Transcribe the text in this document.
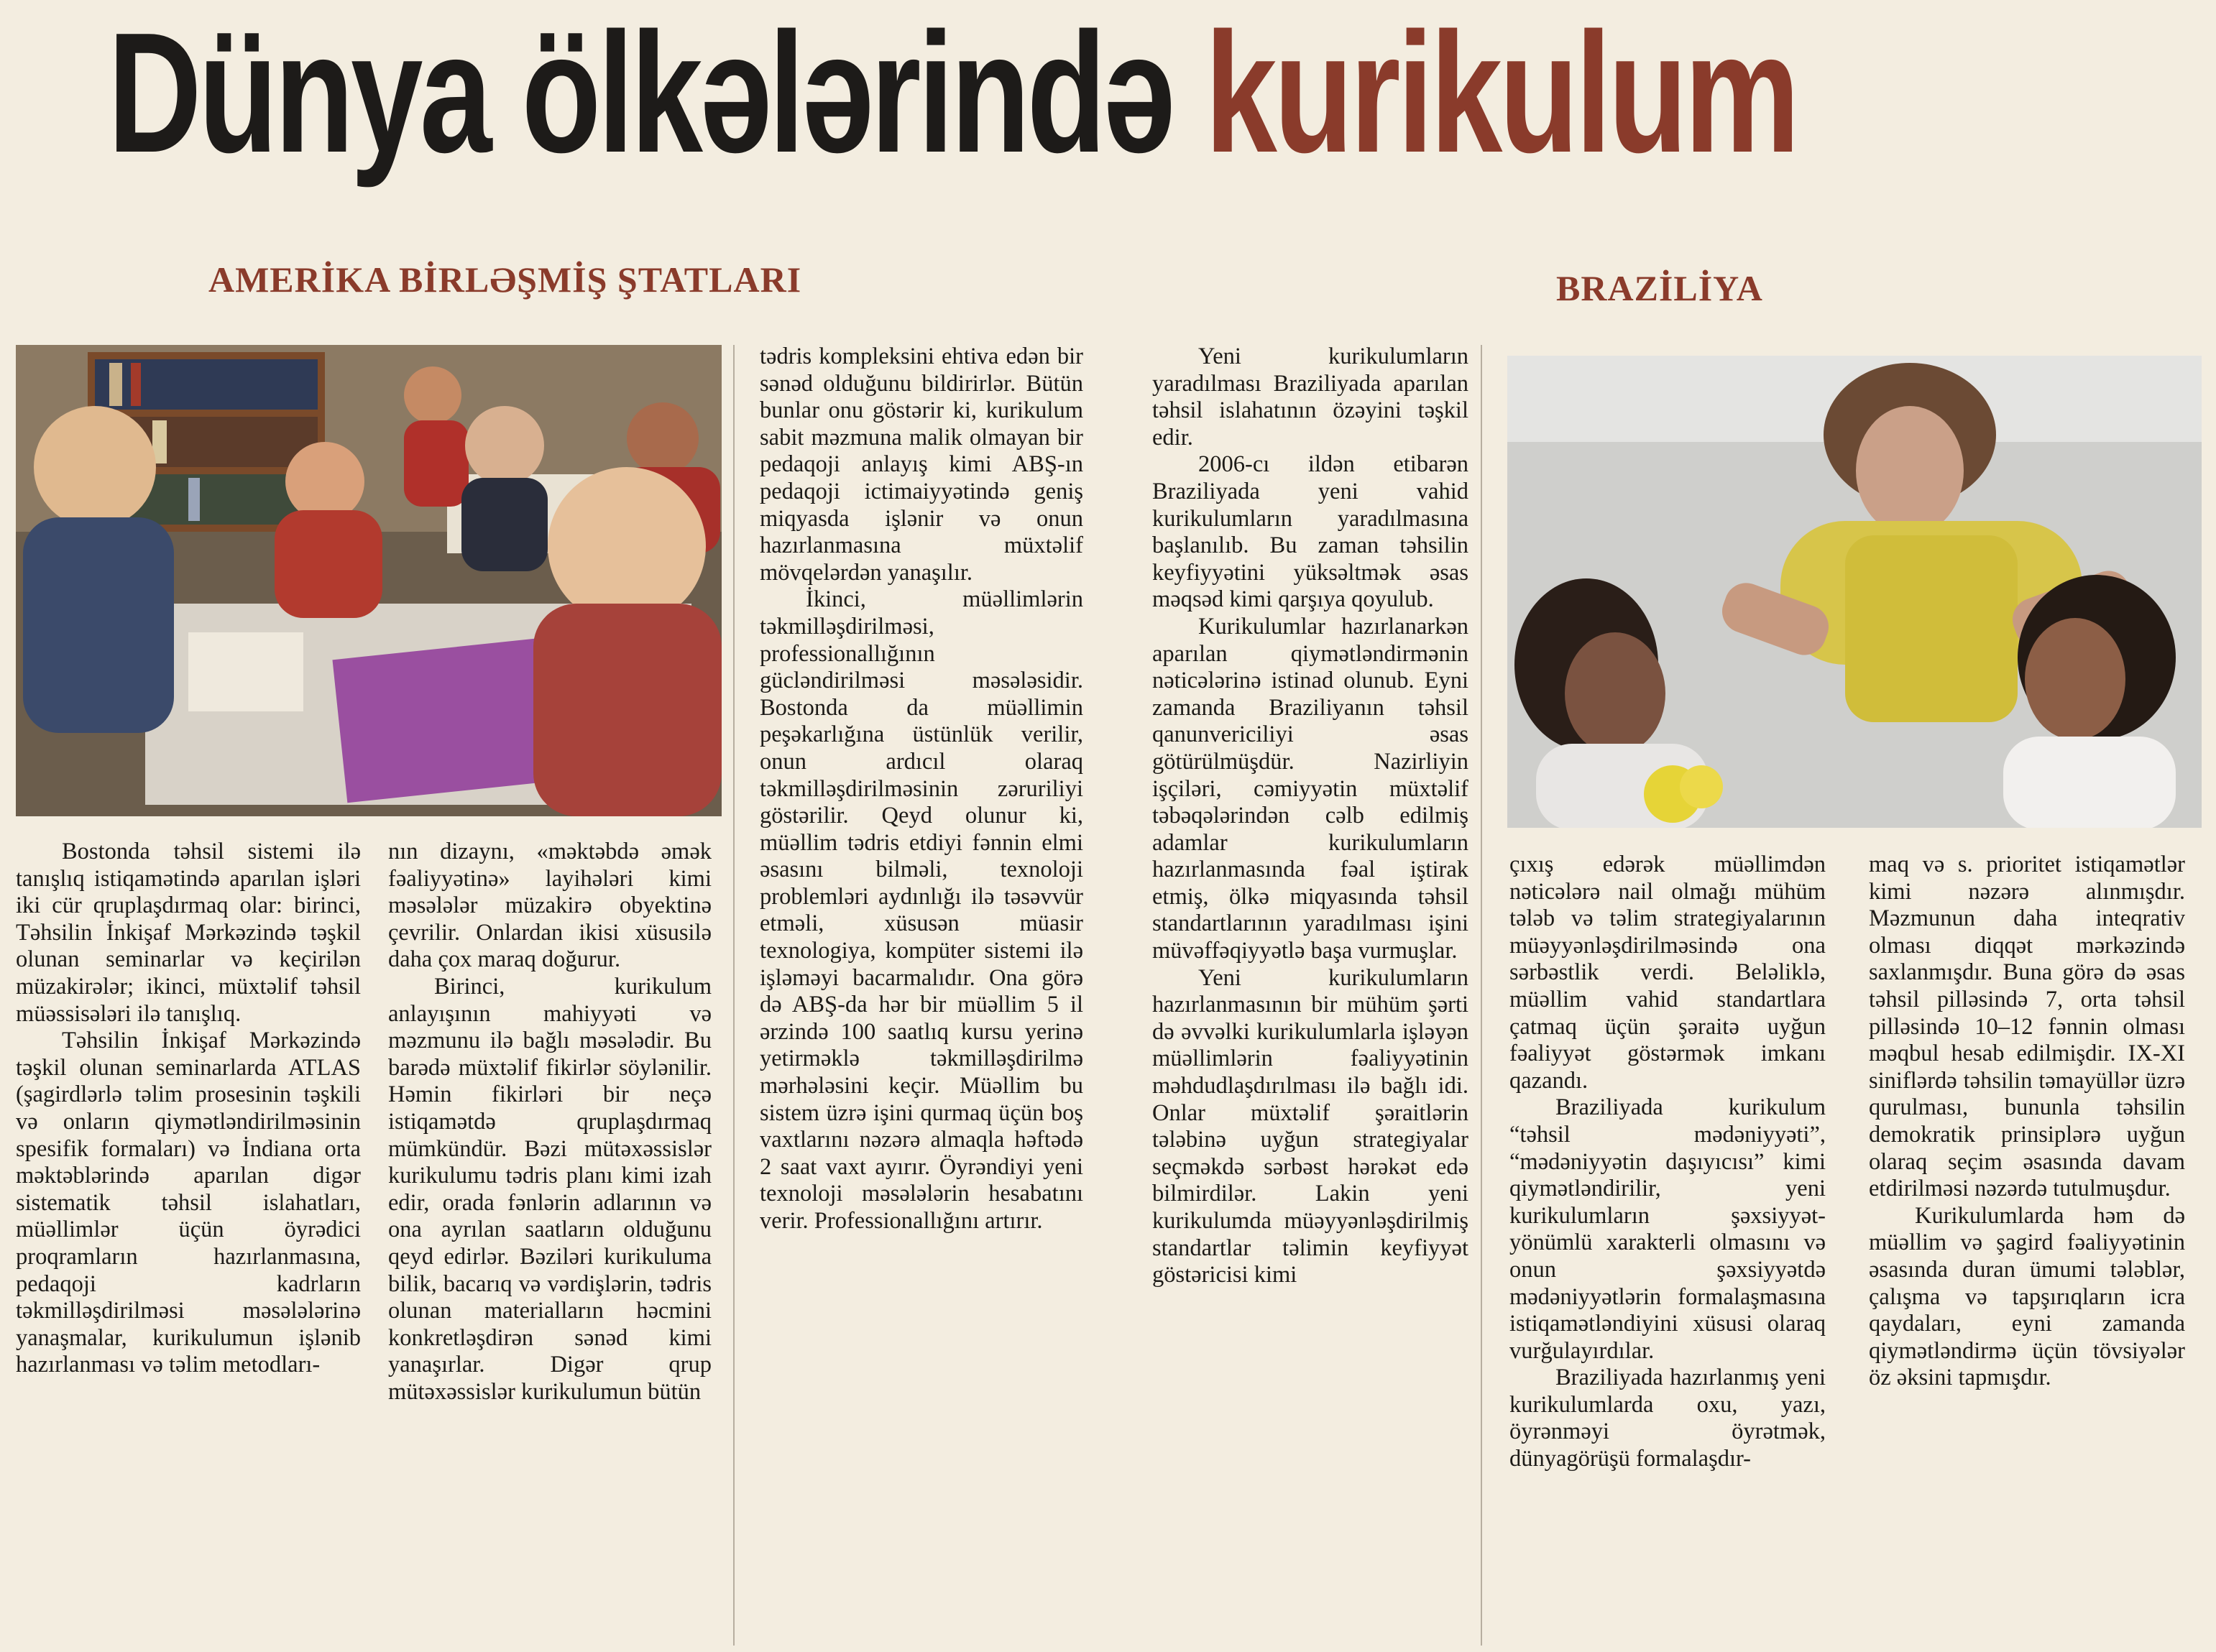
Dünya ölkələrində kurikulum
AMERİKA BİRLƏŞMİŞ ŞTATLARI	BRAZİLİYA

Bostonda təhsil sistemi ilə tanışlıq istiqamətində aparılan işləri iki cür qruplaşdırmaq olar: birinci, Təhsilin İnkişaf Mərkəzində təşkil olunan seminarlar və keçirilən müzakirələr; ikinci, müxtəlif təhsil müəssisələri ilə tanışlıq.

Təhsilin İnkişaf Mərkəzində təşkil olunan seminarlarda ATLAS (şagirdlərlə təlim prosesinin təşkili və onların qiymətləndirilməsinin spesifik formaları) və İndiana orta məktəblərində aparılan digər sistematik təhsil islahatları, müəllimlər üçün öyrədici proqramların hazırlanmasına, pedaqoji kadrların təkmilləşdirilməsi məsələlərinə yanaşmalar, kurikulumun işlənib hazırlanması və təlim metodları-

nın dizaynı, «məktəbdə əmək fəaliyyətinə» layihələri kimi məsələlər müzakirə obyektinə çevrilir. Onlardan ikisi xüsusilə daha çox maraq doğurur.

Birinci, kurikulum anlayışının mahiyyəti və məzmunu ilə bağlı məsələdir. Bu barədə müxtəlif fikirlər söylənilir. Həmin fikirləri bir neçə istiqamətdə qruplaşdırmaq mümkündür. Bəzi mütəxəssislər kurikulumu tədris planı kimi izah edir, orada fənlərin adlarının və ona ayrılan saatların olduğunu qeyd edirlər. Bəziləri kurikuluma bilik, bacarıq və vərdişlərin, tədris olunan materialların həcmini konkretləşdirən sənəd kimi yanaşırlar. Digər qrup mütəxəssislər kurikulumun bütün

tədris kompleksini ehtiva edən bir sənəd olduğunu bildirirlər. Bütün bunlar onu göstərir ki, kurikulum sabit məzmuna malik olmayan bir pedaqoji anlayış kimi ABŞ-ın pedaqoji ictimaiyyətində geniş miqyasda işlənir və onun hazırlanmasına müxtəlif mövqelərdən yanaşılır.

İkinci, müəllimlərin təkmilləşdirilməsi, professionallığının gücləndirilməsi məsələsidir. Bostonda da müəllimin peşəkarlığına üstünlük verilir, onun ardıcıl olaraq təkmilləşdirilməsinin zəruriliyi göstərilir. Qeyd olunur ki, müəllim tədris etdiyi fənnin elmi əsasını bilməli, texnoloji problemləri aydınlığı ilə təsəvvür etməli, xüsusən müasir texnologiya, kompüter sistemi ilə işləməyi bacarmalıdır. Ona görə də ABŞ-da hər bir müəllim 5 il ərzində 100 saatlıq kursu yerinə yetirməklə təkmilləşdirilmə mərhələsini keçir. Müəllim bu sistem üzrə işini qurmaq üçün boş vaxtlarını nəzərə almaqla həftədə 2 saat vaxt ayırır. Öyrəndiyi yeni texnoloji məsələlərin hesabatını verir. Professionallığını artırır.

Yeni kurikulumların yaradılması Braziliyada aparılan təhsil islahatının özəyini təşkil edir.

2006-cı ildən etibarən Braziliyada yeni vahid kurikulumların yaradılmasına başlanılıb. Bu zaman təhsilin keyfiyyətini yüksəltmək əsas məqsəd kimi qarşıya qoyulub.

Kurikulumlar hazırlanarkən aparılan qiymətləndirmənin nəticələrinə istinad olunub. Eyni zamanda Braziliyanın təhsil qanunvericiliyi əsas götürülmüşdür. Nazirliyin işçiləri, cəmiyyətin müxtəlif təbəqələrindən cəlb edilmiş adamlar kurikulumların hazırlanmasında fəal iştirak etmiş, ölkə miqyasında təhsil standartlarının yaradılması işini müvəffəqiyyətlə başa vurmuşlar.

Yeni kurikulumların hazırlanmasının bir mühüm şərti də əvvəlki kurikulumlarla işləyən müəllimlərin fəaliyyətinin məhdudlaşdırılması ilə bağlı idi. Onlar müxtəlif şəraitlərin tələbinə uyğun strategiyalar seçməkdə sərbəst hərəkət edə bilmirdilər. Lakin yeni kurikulumda müəyyənləşdirilmiş standartlar təlimin keyfiyyət göstəricisi kimi

çıxış edərək müəllimdən nəticələrə nail olmağı mühüm tələb və təlim strategiyalarının müəyyənləşdirilməsində ona sərbəstlik verdi. Beləliklə, müəllim vahid standartlara çatmaq üçün şəraitə uyğun fəaliyyət göstərmək imkanı qazandı.

Braziliyada kurikulum “təhsil mədəniyyəti”, “mədəniyyətin daşıyıcısı” kimi qiymətləndirilir, yeni kurikulumların şəxsiyyət-yönümlü xarakterli olmasını və onun şəxsiyyətdə mədəniyyətlərin formalaşmasına istiqamətləndiyini xüsusi olaraq vurğulayırdılar.

Braziliyada hazırlanmış yeni kurikulumlarda oxu, yazı, öyrənməyi öyrətmək, dünyagörüşü formalaşdır-

maq və s. prioritet istiqamətlər kimi nəzərə alınmışdır. Məzmunun daha inteqrativ olması diqqət mərkəzində saxlanmışdır. Buna görə də əsas təhsil pilləsində 7, orta təhsil pilləsində 10–12 fənnin olması məqbul hesab edilmişdir. IX-XI siniflərdə təhsilin təmayüllər üzrə qurulması, bununla təhsilin demokratik prinsiplərə uyğun olaraq seçim əsasında davam etdirilməsi nəzərdə tutulmuşdur.

Kurikulumlarda həm də müəllim və şagird fəaliyyətinin əsasında duran ümumi tələblər, çalışma və tapşırıqların icra qaydaları, eyni zamanda qiymətləndirmə üçün tövsiyələr öz əksini tapmışdır.
